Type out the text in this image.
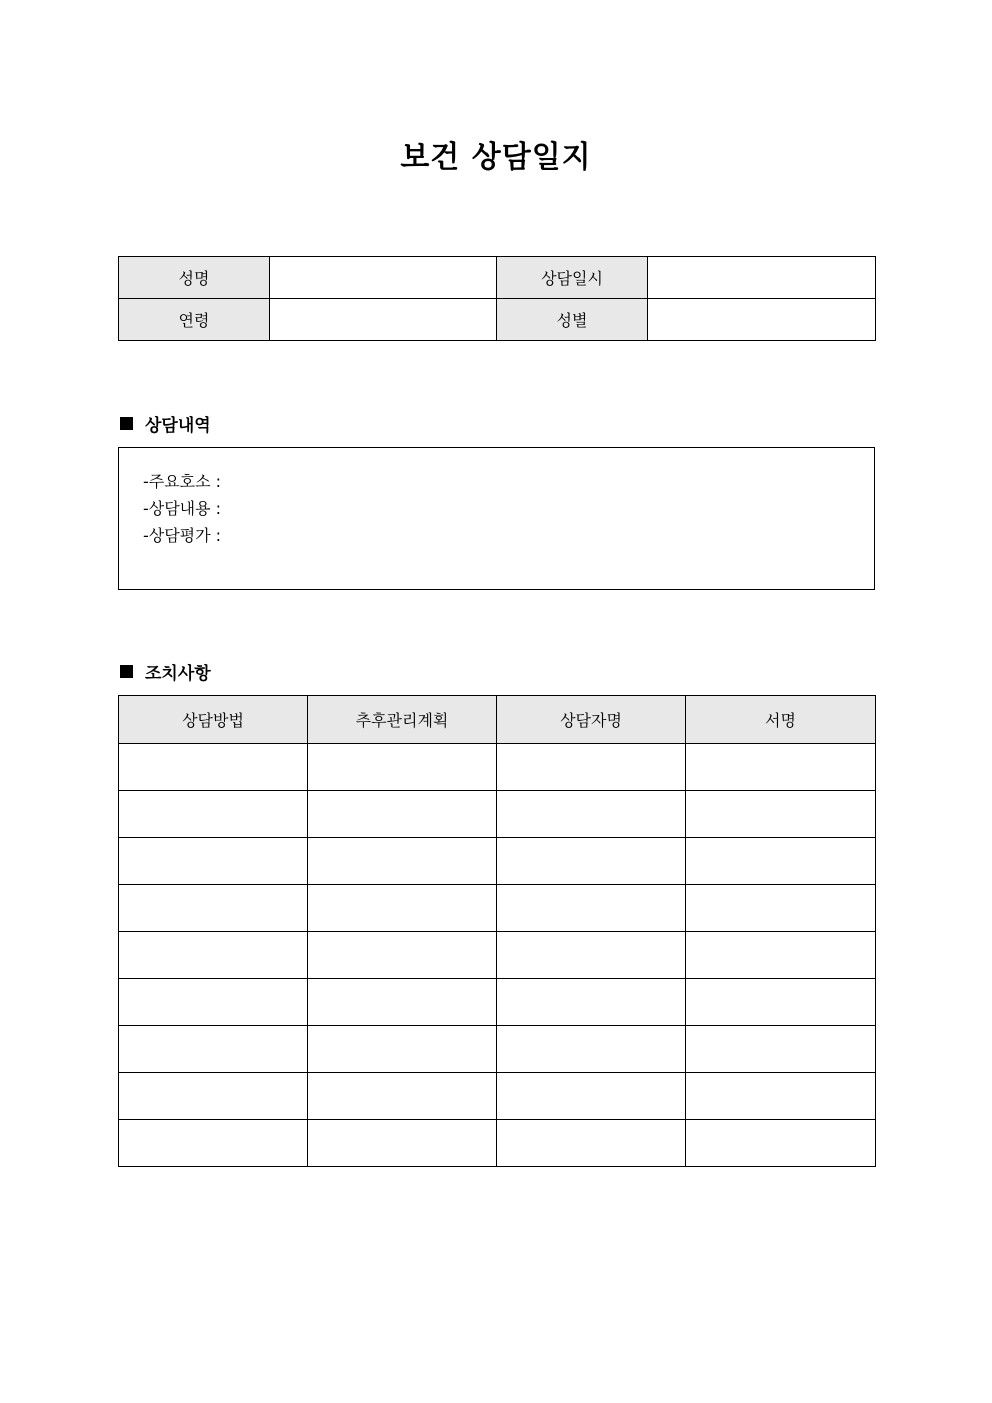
보건 상담일지
성명		상담일시	
연령		성별	
상담내역
-주요호소 :
-상담내용 :
-상담평가 :
조치사항
상담방법	추후관리계획	상담자명	서명
